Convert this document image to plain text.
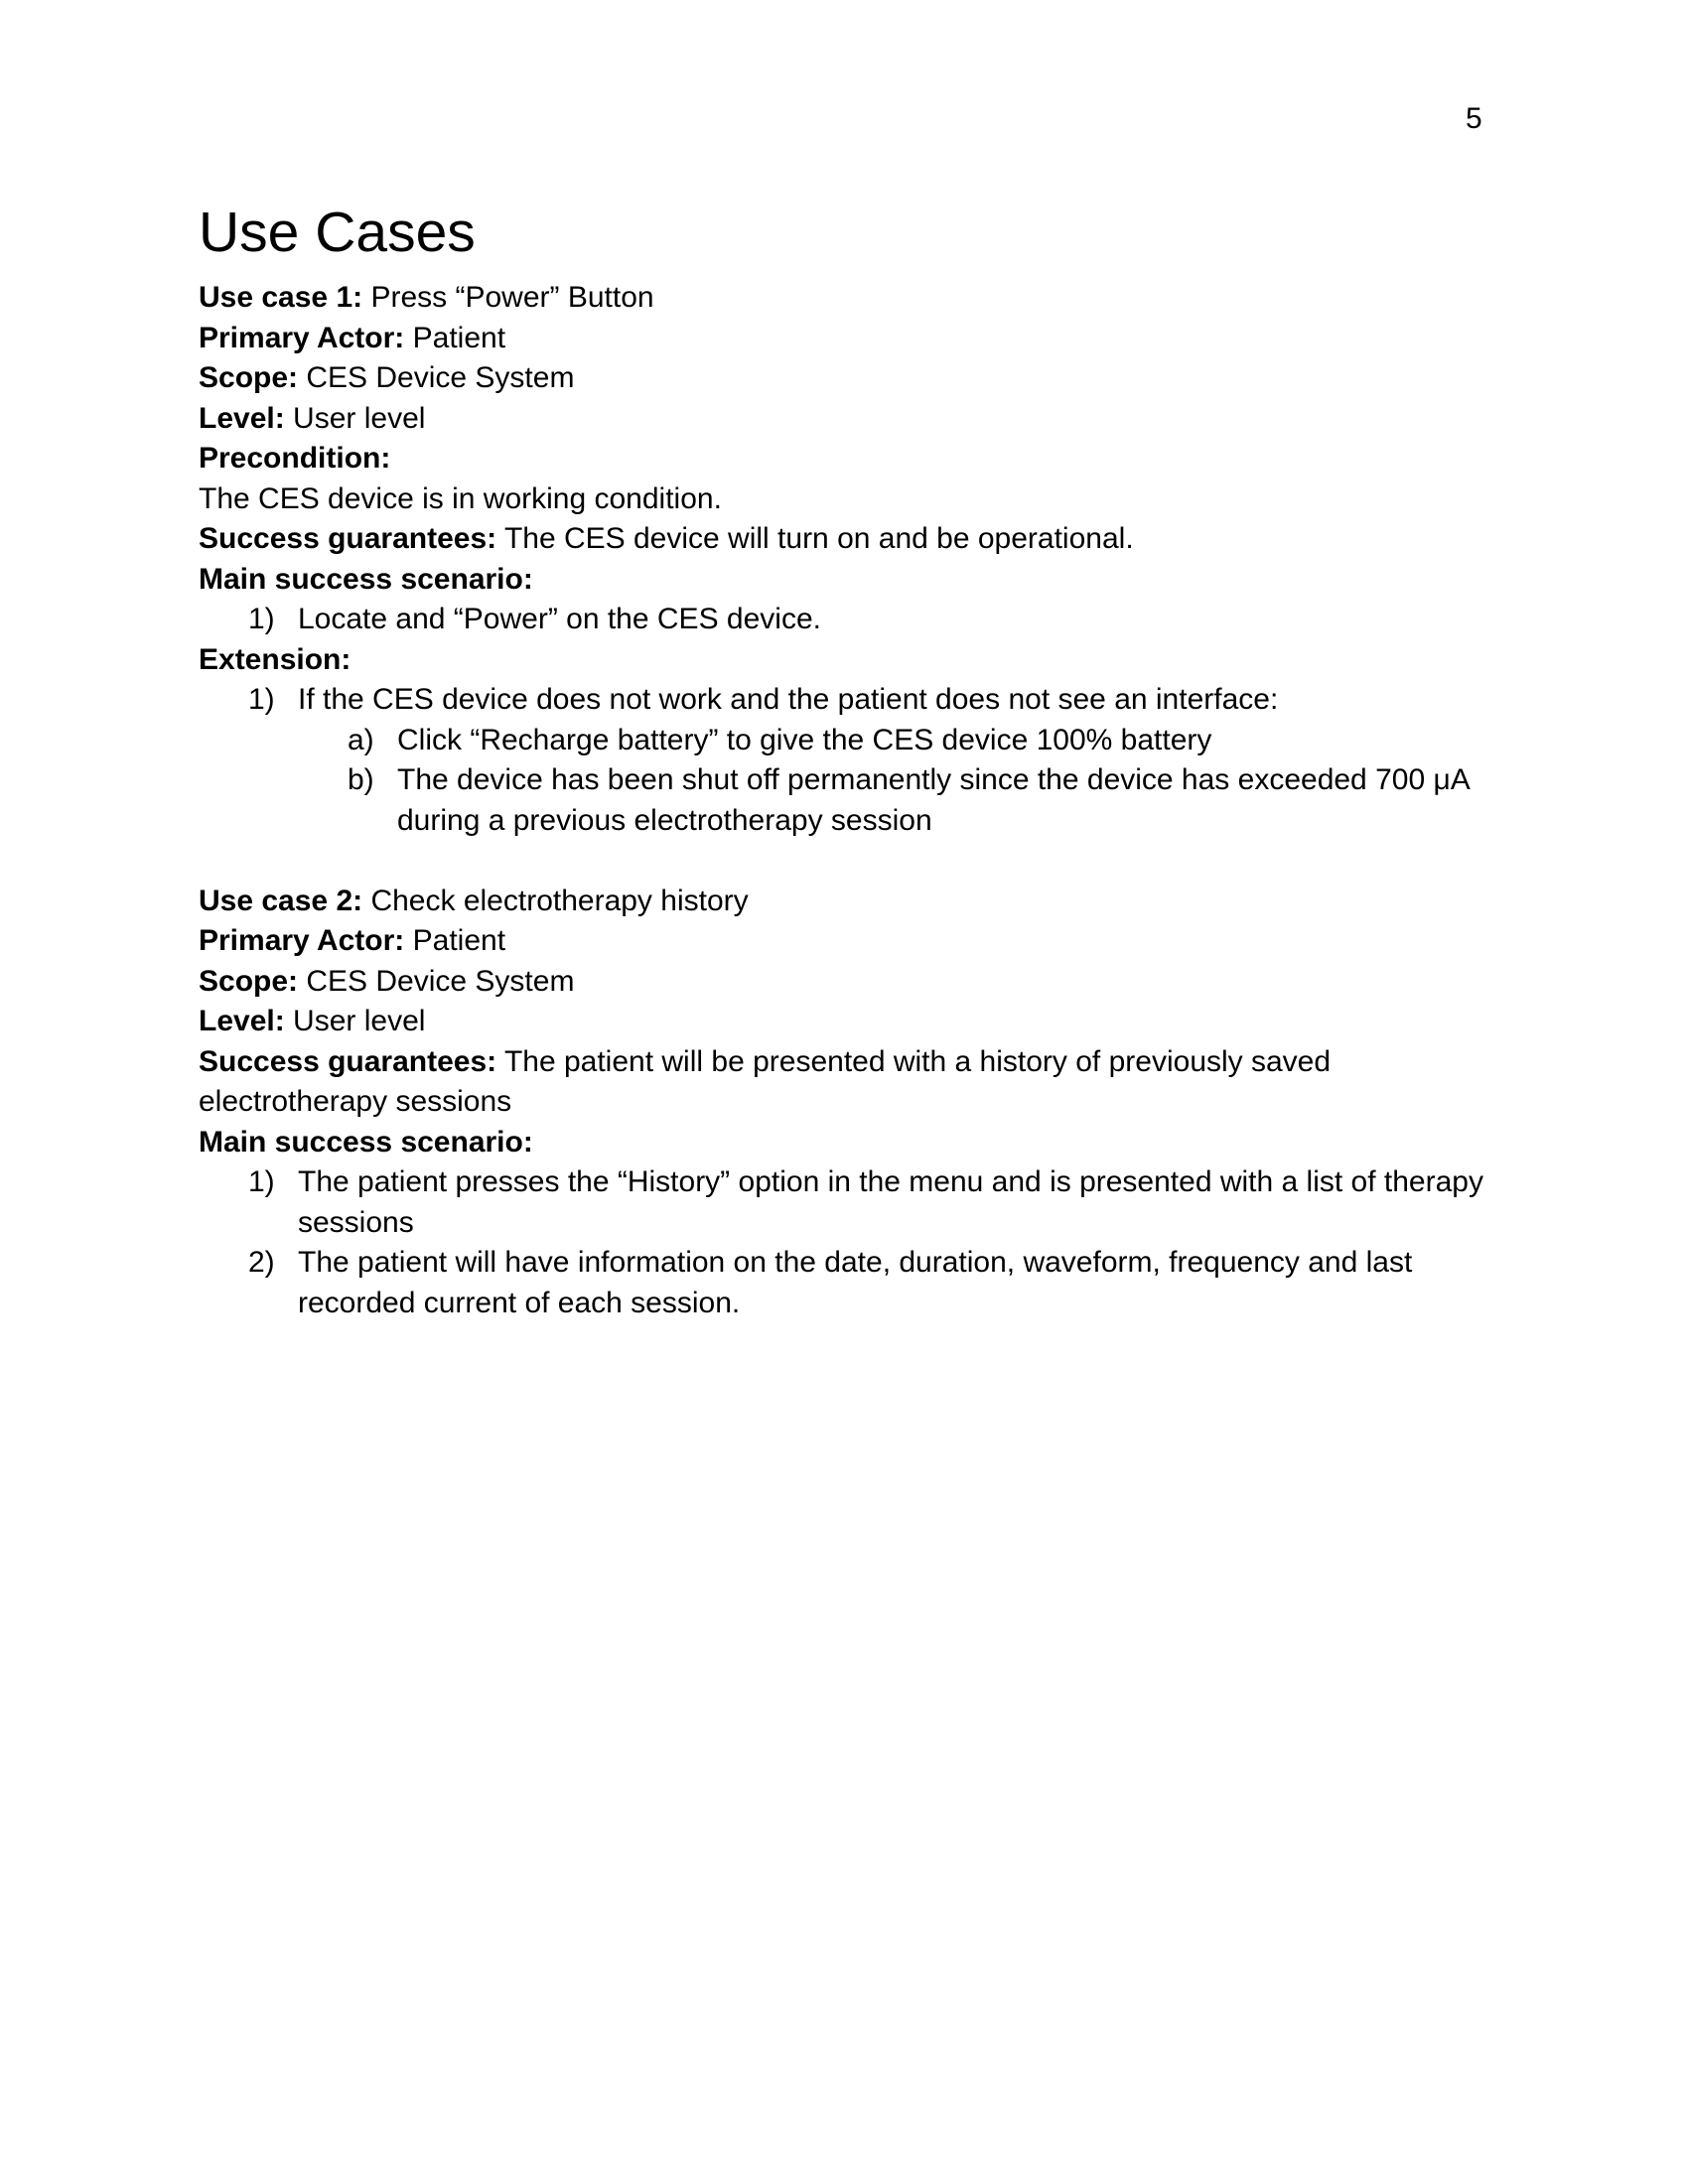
5
Use Cases

Use case 1: Press “Power” Button

Primary Actor: Patient

Scope: CES Device System

Level: User level

Precondition:

The CES device is in working condition.

Success guarantees: The CES device will turn on and be operational.

Main success scenario:

1) Locate and “Power” on the CES device.

Extension:

1) If the CES device does not work and the patient does not see an interface:
a) Click “Recharge battery” to give the CES device 100% battery
b) The device has been shut off permanently since the device has exceeded 700 μA during a previous electrotherapy session

Use case 2: Check electrotherapy history

Primary Actor: Patient

Scope: CES Device System

Level: User level

Success guarantees: The patient will be presented with a history of previously saved electrotherapy sessions

Main success scenario:

1) The patient presses the “History” option in the menu and is presented with a list of therapy sessions
2) The patient will have information on the date, duration, waveform, frequency and last recorded current of each session.
